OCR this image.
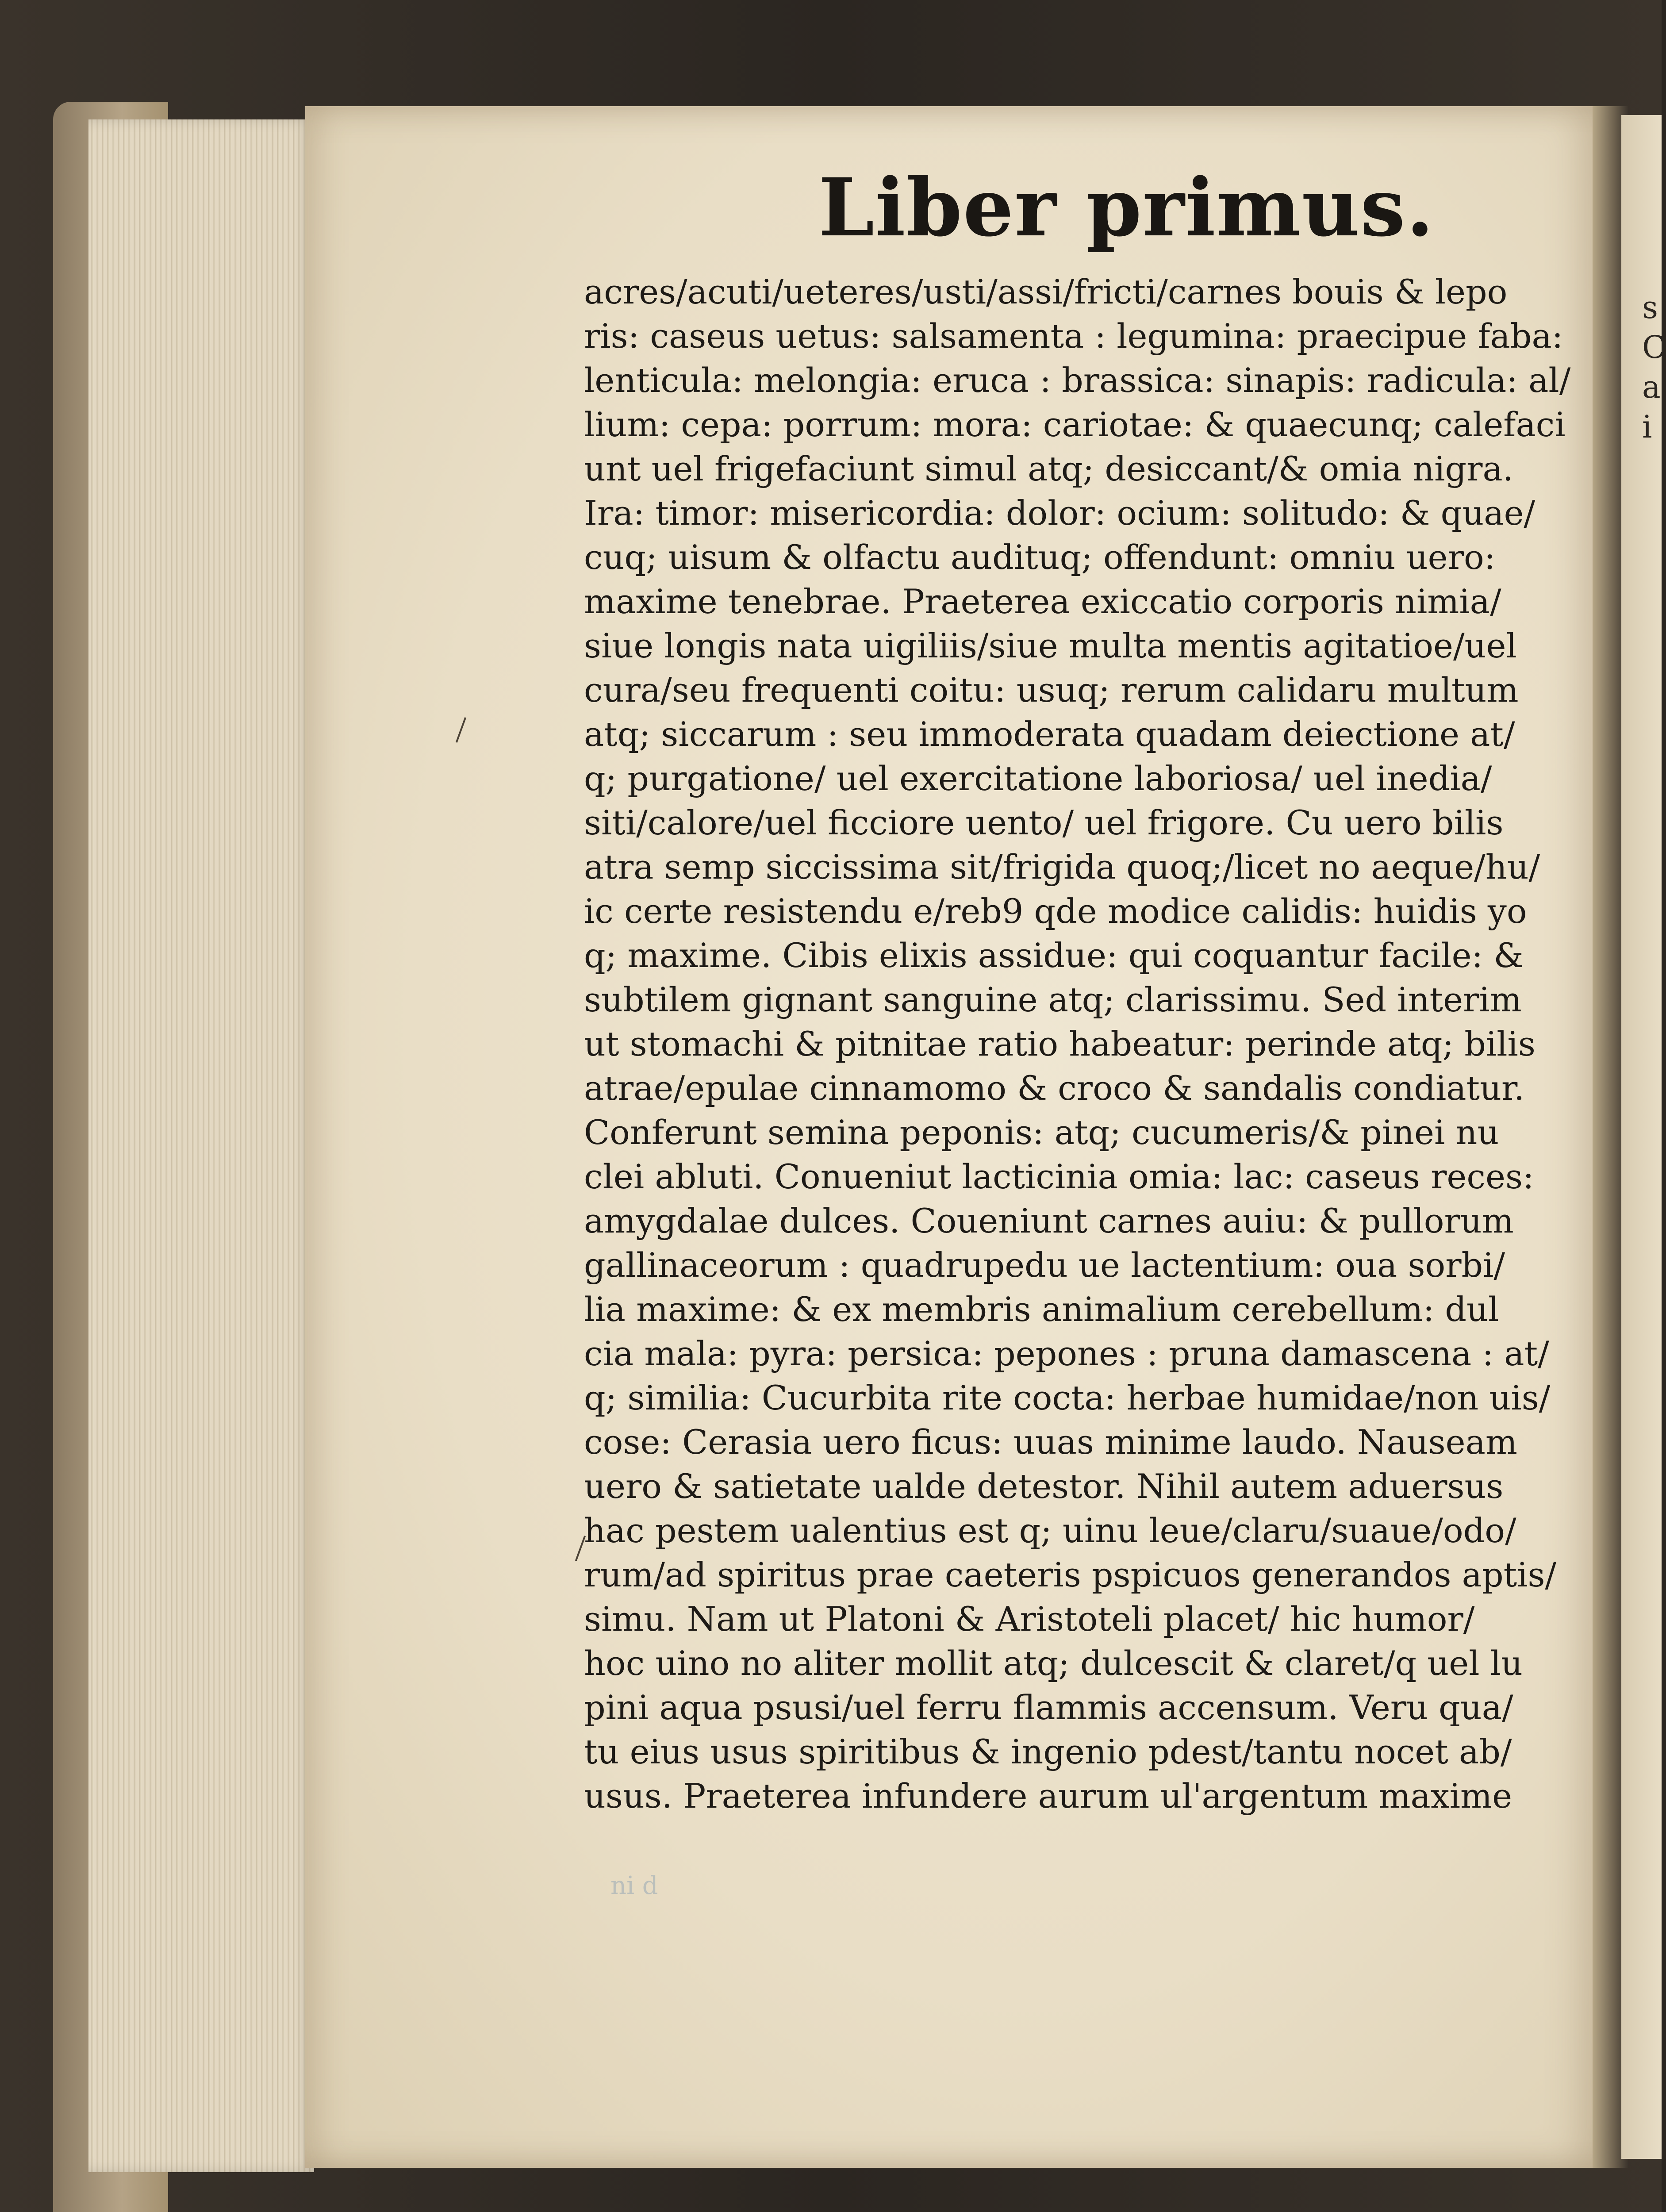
s
C
a
i
Liber primus.
acres/acuti/ueteres/usti/assi/fricti/carnes bouis & lepo
ris: caseus uetus: salsamenta : legumina: praecipue faba:
lenticula: melongia: eruca : brassica: sinapis: radicula: al/
lium: cepa: porrum: mora: cariotae: & quaecunq; calefaci
unt uel frigefaciunt simul atq; desiccant/& omia nigra.
Ira: timor: misericordia: dolor: ocium: solitudo: & quae/
cuq; uisum & olfactu audituq; offendunt: omniu uero:
maxime tenebrae. Praeterea exiccatio corporis nimia/
siue longis nata uigiliis/siue multa mentis agitatioe/uel
cura/seu frequenti coitu: usuq; rerum calidaru multum
atq; siccarum : seu immoderata quadam deiectione at/
q; purgatione/ uel exercitatione laboriosa/ uel inedia/
siti/calore/uel ficciore uento/ uel frigore. Cu uero bilis
atra semp siccissima sit/frigida quoq;/licet no aeque/hu/
ic certe resistendu e/reb9 qde modice calidis: huidis yo
q; maxime. Cibis elixis assidue: qui coquantur facile: &
subtilem gignant sanguine atq; clarissimu. Sed interim
ut stomachi & pitnitae ratio habeatur: perinde atq; bilis
atrae/epulae cinnamomo & croco & sandalis condiatur.
Conferunt semina peponis: atq; cucumeris/& pinei nu
clei abluti. Conueniut lacticinia omia: lac: caseus reces:
amygdalae dulces. Coueniunt carnes auiu: & pullorum
gallinaceorum : quadrupedu ue lactentium: oua sorbi/
lia maxime: & ex membris animalium cerebellum: dul
cia mala: pyra: persica: pepones : pruna damascena : at/
q; similia: Cucurbita rite cocta: herbae humidae/non uis/
cose: Cerasia uero ficus: uuas minime laudo. Nauseam
uero & satietate ualde detestor. Nihil autem aduersus
hac pestem ualentius est q; uinu leue/claru/suaue/odo/
rum/ad spiritus prae caeteris pspicuos generandos aptis/
simu. Nam ut Platoni & Aristoteli placet/ hic humor/
hoc uino no aliter mollit atq; dulcescit & claret/q uel lu
pini aqua psusi/uel ferru flammis accensum. Veru qua/
tu eius usus spiritibus & ingenio pdest/tantu nocet ab/
usus. Praeterea infundere aurum ul'argentum maxime
ni d
